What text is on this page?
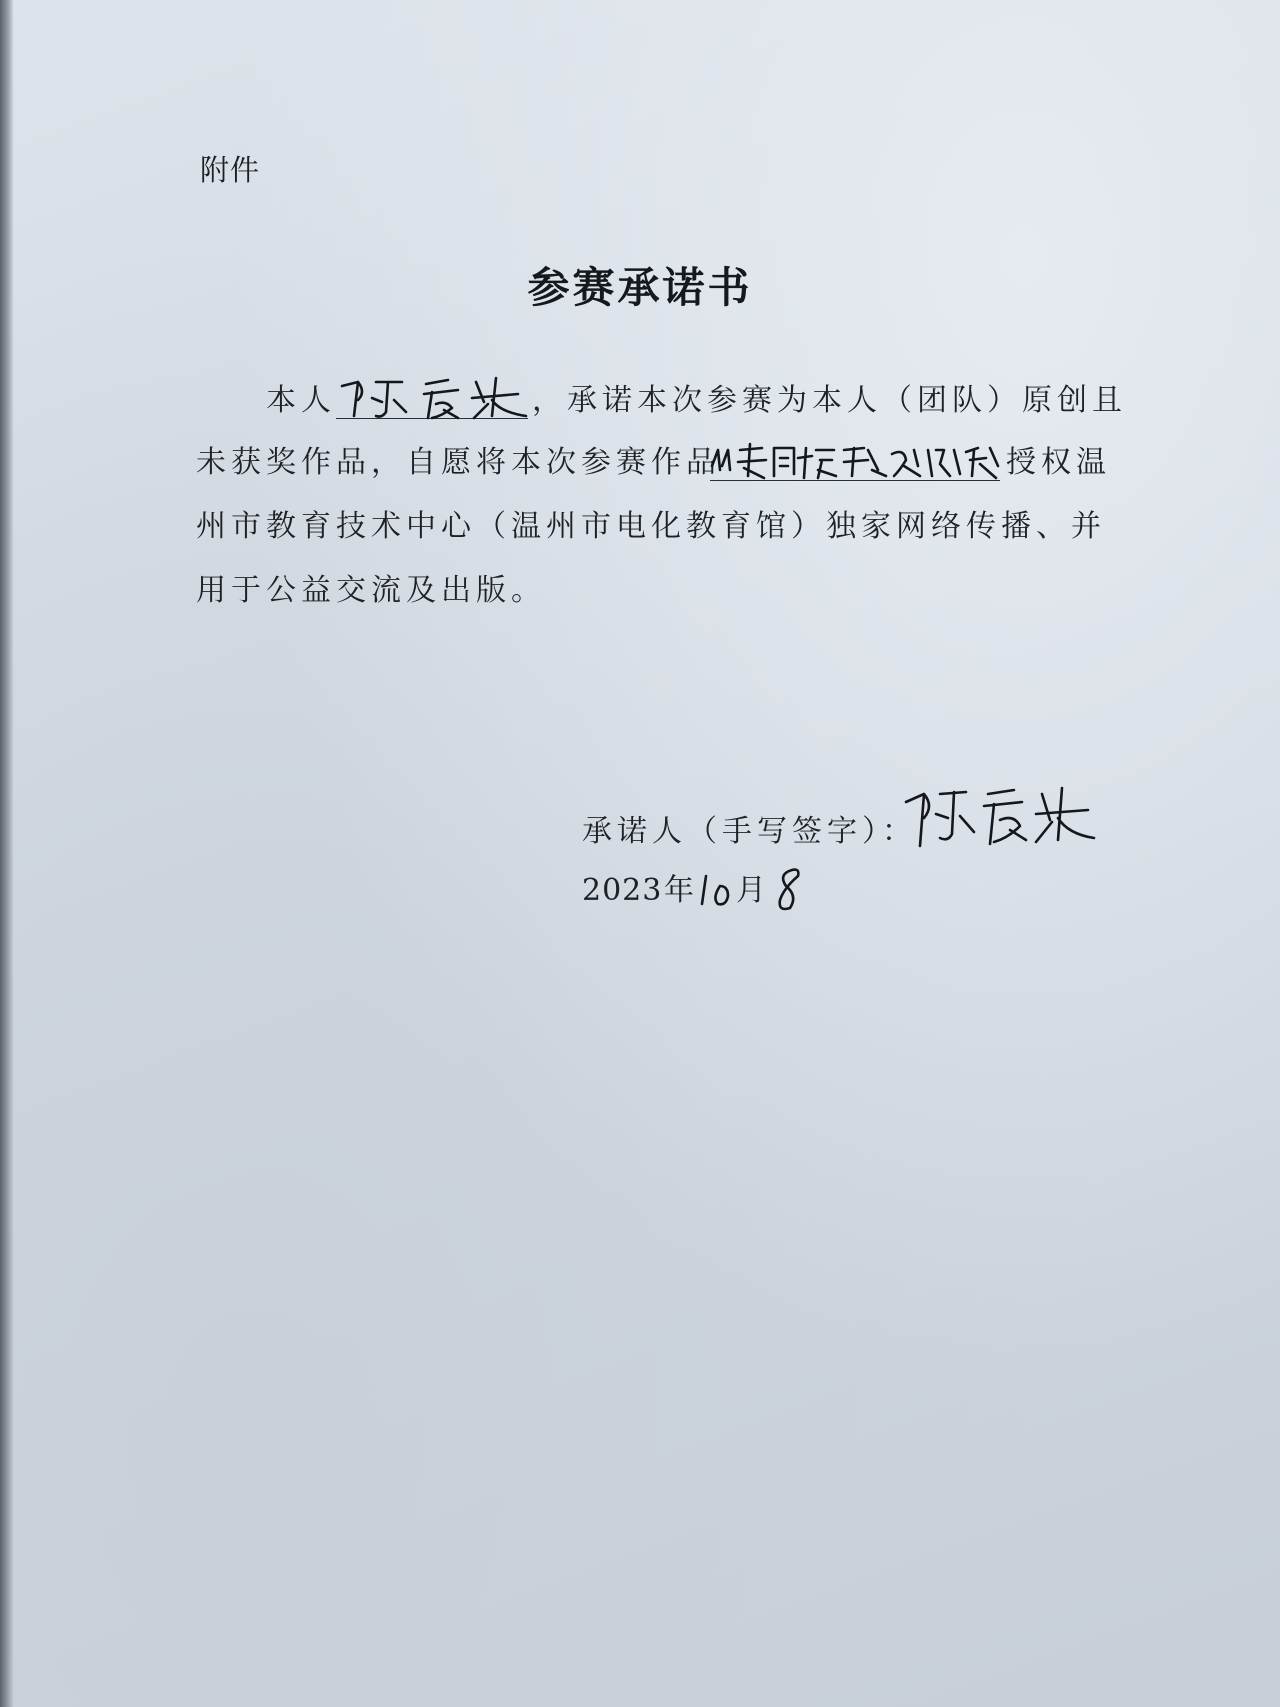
附件
参赛承诺书
本人	，承诺本次参赛为本人（团队）原创且
未获奖作品，自愿将本次参赛作品	授权温
州市教育技术中心（温州市电化教育馆）独家网络传播、并
用于公益交流及出版。
承诺人（手写签字）：
2023 年 月
